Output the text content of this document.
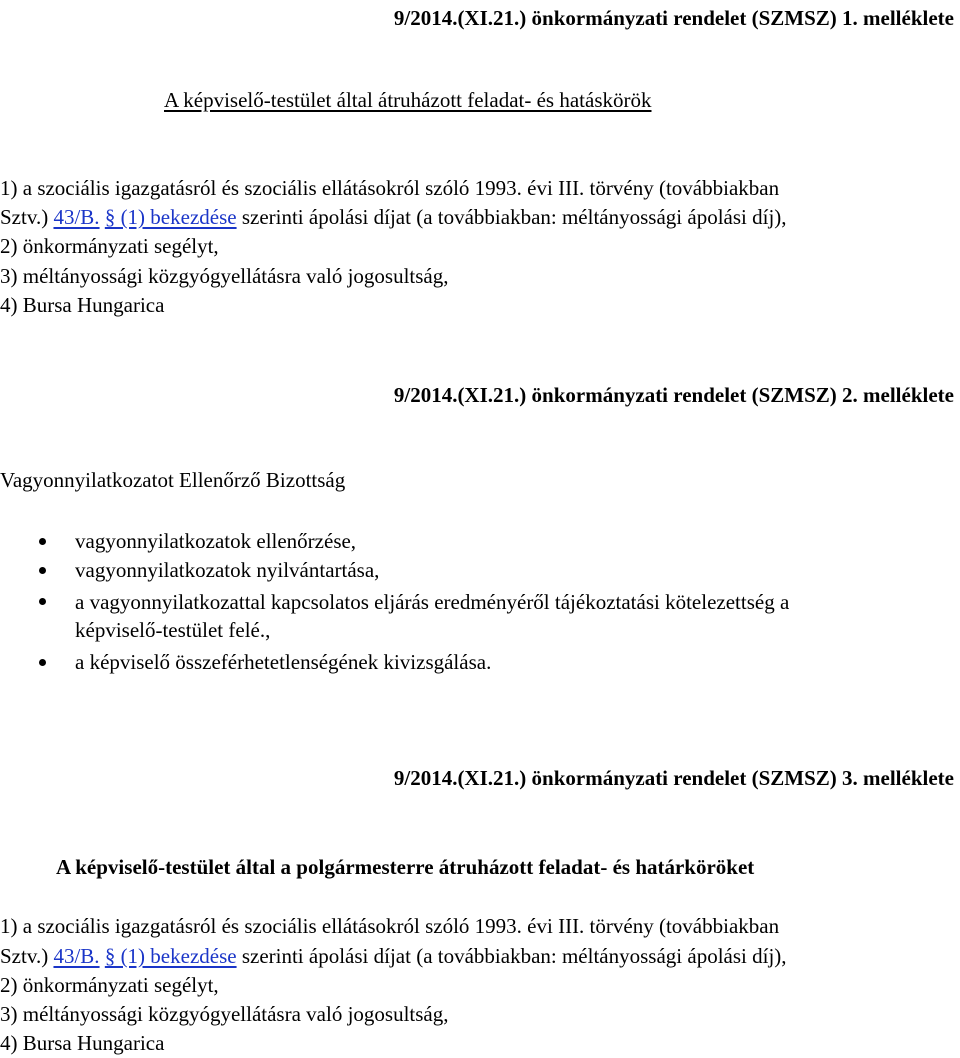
9/2014.(XI.21.) önkormányzati rendelet (SZMSZ) 1. melléklete
A képviselő-testület által átruházott feladat- és hatáskörök
1) a szociális igazgatásról és szociális ellátásokról szóló 1993. évi III. törvény (továbbiakban
Sztv.) 43/B. § (1) bekezdése szerinti ápolási díjat (a továbbiakban: méltányossági ápolási díj),
2) önkormányzati segélyt,
3) méltányossági közgyógyellátásra való jogosultság,
4) Bursa Hungarica
9/2014.(XI.21.) önkormányzati rendelet (SZMSZ) 2. melléklete
Vagyonnyilatkozatot Ellenőrző Bizottság
vagyonnyilatkozatok ellenőrzése,
vagyonnyilatkozatok nyilvántartása,
a vagyonnyilatkozattal kapcsolatos eljárás eredményéről tájékoztatási kötelezettség a
képviselő-testület felé.,
a képviselő összeférhetetlenségének kivizsgálása.
9/2014.(XI.21.) önkormányzati rendelet (SZMSZ) 3. melléklete
A képviselő-testület által a polgármesterre átruházott feladat- és határköröket
1) a szociális igazgatásról és szociális ellátásokról szóló 1993. évi III. törvény (továbbiakban
Sztv.) 43/B. § (1) bekezdése szerinti ápolási díjat (a továbbiakban: méltányossági ápolási díj),
2) önkormányzati segélyt,
3) méltányossági közgyógyellátásra való jogosultság,
4) Bursa Hungarica
